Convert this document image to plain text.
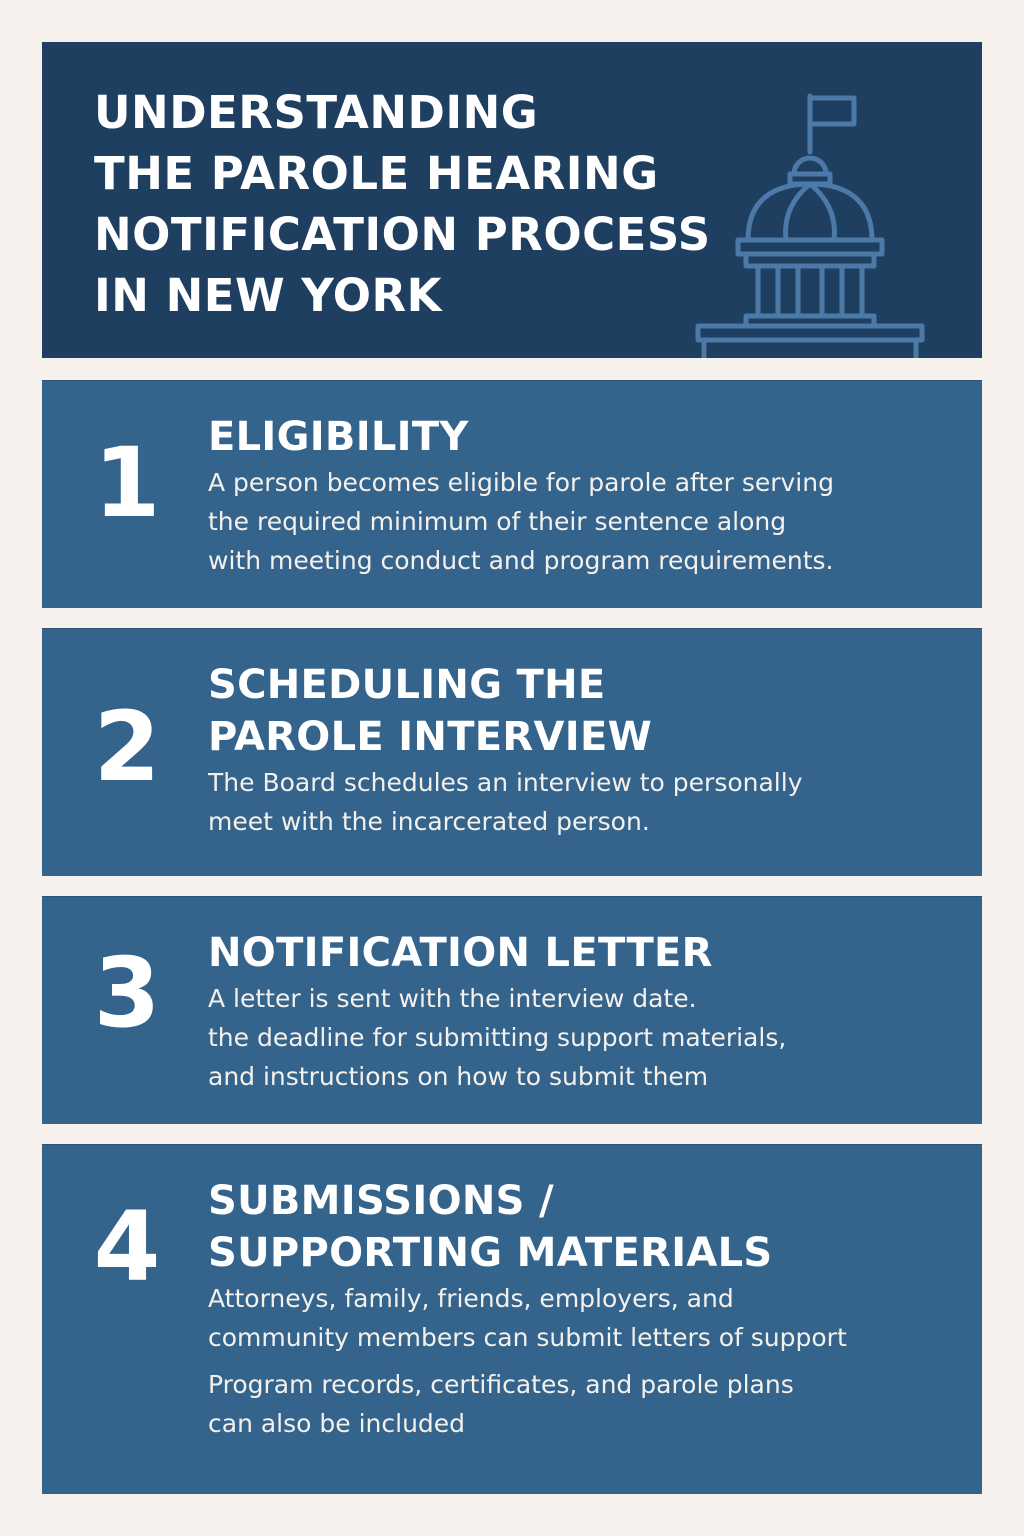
UNDERSTANDING
THE PAROLE HEARING
NOTIFICATION PROCESS
IN NEW YORK
1 ELIGIBILITY

A person becomes eligible for parole after serving
the required minimum of their sentence along
with meeting conduct and program requirements.

2
SCHEDULING THE
PAROLE INTERVIEW

The Board schedules an interview to personally
meet with the incarcerated person.

3 NOTIFICATION LETTER

A letter is sent with the interview date.
the deadline for submitting support materials,
and instructions on how to submit them

4 SUBMISSIONS /
SUPPORTING MATERIALS

Attorneys, family, friends, employers, and
community members can submit letters of support

Program records, certificates, and parole plans
can also be included
